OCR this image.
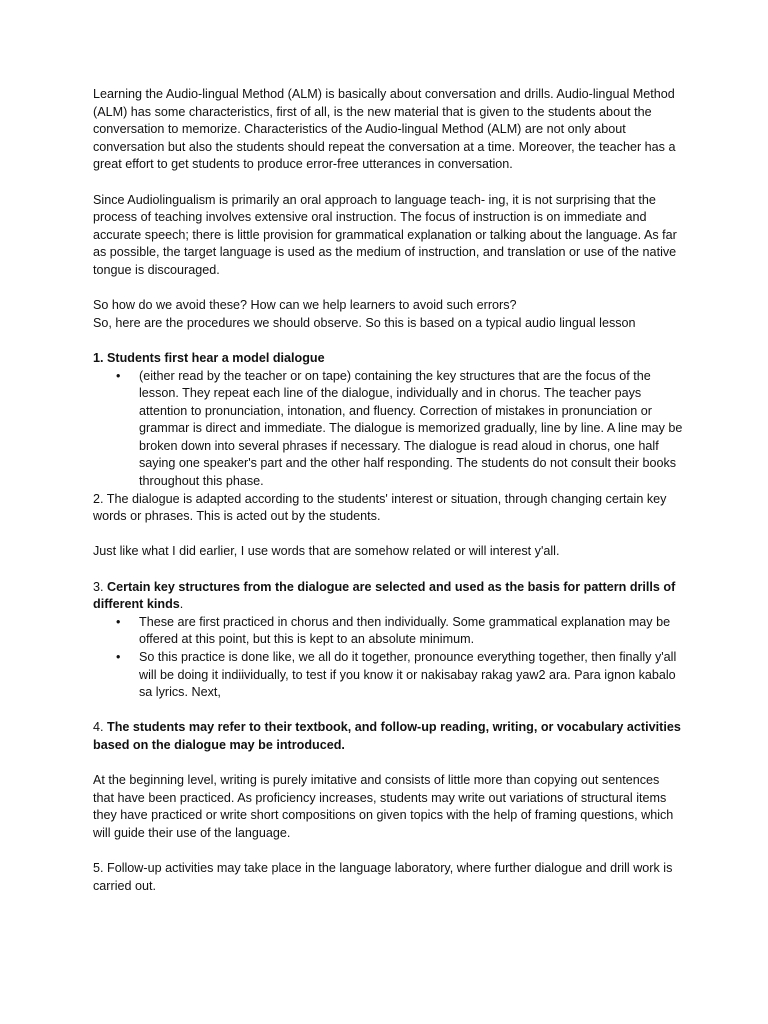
Learning the Audio-lingual Method (ALM) is basically about conversation and drills. Audio-lingual Method (ALM) has some characteristics, first of all, is the new material that is given to the students about the conversation to memorize. Characteristics of the Audio-lingual Method (ALM) are not only about conversation but also the students should repeat the conversation at a time. Moreover, the teacher has a great effort to get students to produce error-free utterances in conversation.

Since Audiolingualism is primarily an oral approach to language teach- ing, it is not surprising that the process of teaching involves extensive oral instruction. The focus of instruction is on immediate and accurate speech; there is little provision for grammatical explanation or talking about the language. As far as possible, the target language is used as the medium of instruction, and translation or use of the native tongue is discouraged.

So how do we avoid these? How can we help learners to avoid such errors?

So, here are the procedures we should observe. So this is based on a typical audio lingual lesson

1. Students first hear a model dialogue

• (either read by the teacher or on tape) containing the key structures that are the focus of the lesson. They repeat each line of the dialogue, individually and in chorus. The teacher pays attention to pronunciation, intonation, and fluency. Correction of mistakes in pronunciation or grammar is direct and immediate. The dialogue is memorized gradually, line by line. A line may be broken down into several phrases if necessary. The dialogue is read aloud in chorus, one half saying one speaker's part and the other half responding. The students do not consult their books throughout this phase.

2. The dialogue is adapted according to the students' interest or situation, through changing certain key words or phrases. This is acted out by the students.

Just like what I did earlier, I use words that are somehow related or will interest y'all.

3. Certain key structures from the dialogue are selected and used as the basis for pattern drills of different kinds.

• These are first practiced in chorus and then individually. Some grammatical explanation may be offered at this point, but this is kept to an absolute minimum.
• So this practice is done like, we all do it together, pronounce everything together, then finally y'all will be doing it indiividually, to test if you know it or nakisabay rakag yaw2 ara. Para ignon kabalo sa lyrics. Next,

4. The students may refer to their textbook, and follow-up reading, writing, or vocabulary activities based on the dialogue may be introduced.

At the beginning level, writing is purely imitative and consists of little more than copying out sentences that have been practiced. As proficiency increases, students may write out variations of structural items they have practiced or write short compositions on given topics with the help of framing questions, which will guide their use of the language.

5. Follow-up activities may take place in the language laboratory, where further dialogue and drill work is carried out.
